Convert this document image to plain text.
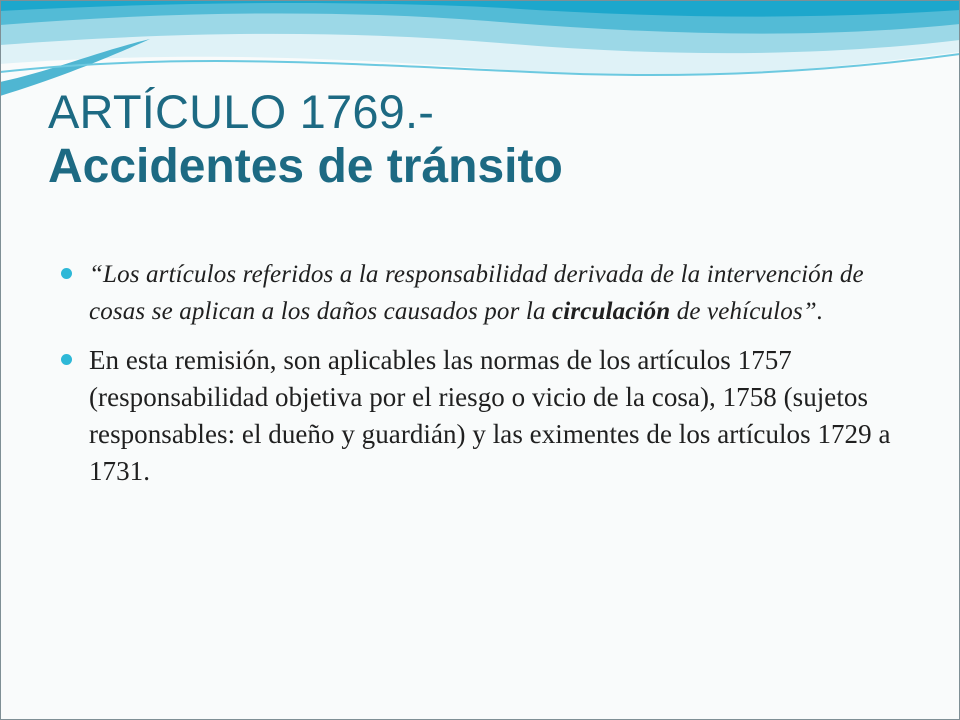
ARTÍCULO 1769.-
Accidentes de tránsito
“Los artículos referidos a la responsabilidad derivada de la intervención de cosas se aplican a los daños causados por la circulación de vehículos”.
En esta remisión, son aplicables las normas de los artículos 1757 (responsabilidad objetiva por el riesgo o vicio de la cosa), 1758 (sujetos responsables: el dueño y guardián) y las eximentes de los artículos 1729 a 1731.
